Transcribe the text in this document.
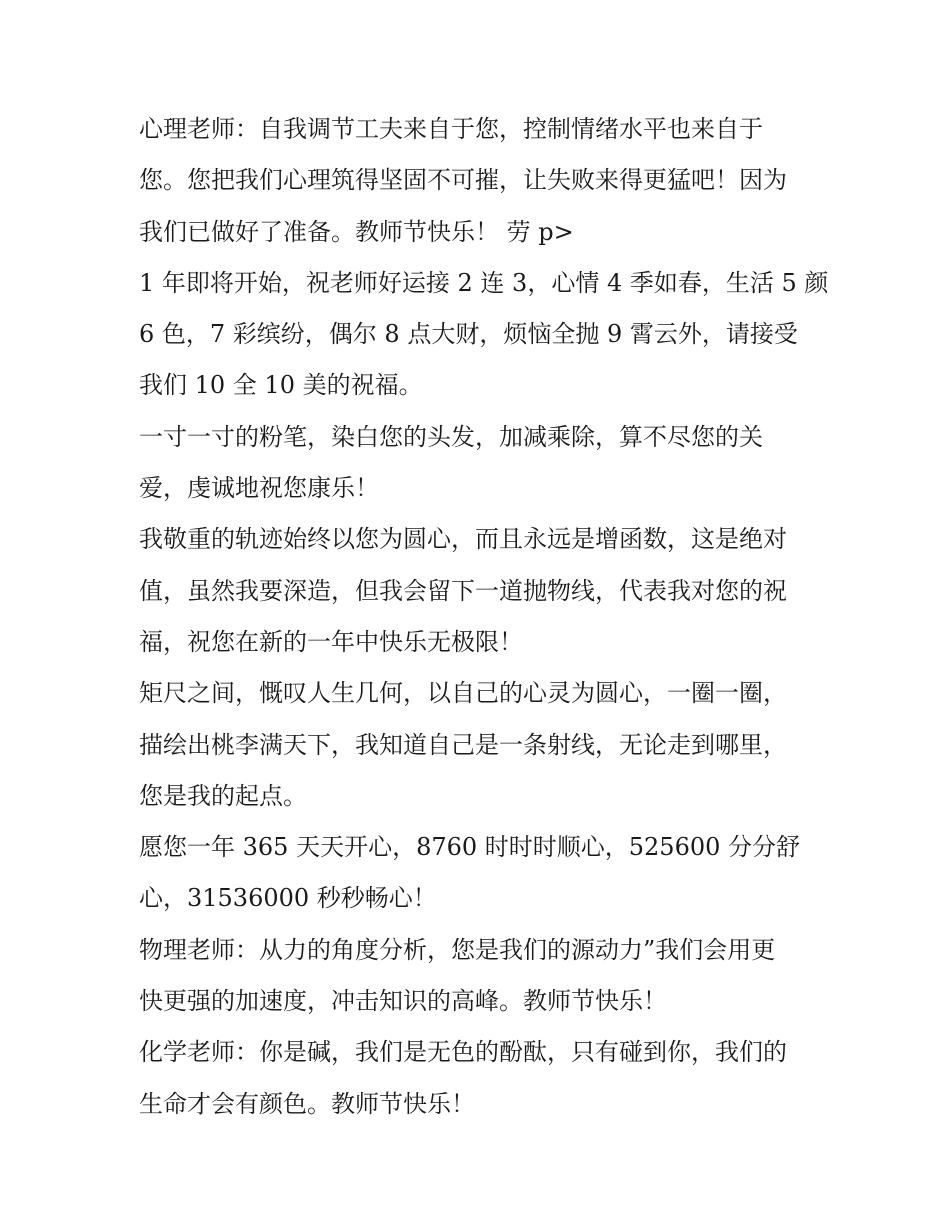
心理老师：自我调节工夫来自于您，控制情绪水平也来自于
您。您把我们心理筑得坚固不可摧，让失败来得更猛吧！因为
我们已做好了准备。教师节快乐！ 劳 p>
1 年即将开始，祝老师好运接 2 连 3，心情 4 季如春，生活 5 颜
6 色，7 彩缤纷，偶尔 8 点大财，烦恼全抛 9 霄云外，请接受
我们 10 全 10 美的祝福。
一寸一寸的粉笔，染白您的头发，加减乘除，算不尽您的关
爱，虔诚地祝您康乐！
我敬重的轨迹始终以您为圆心，而且永远是增函数，这是绝对
值，虽然我要深造，但我会留下一道抛物线，代表我对您的祝
福，祝您在新的一年中快乐无极限！
矩尺之间，慨叹人生几何，以自己的心灵为圆心，一圈一圈，
描绘出桃李满天下，我知道自己是一条射线，无论走到哪里，
您是我的起点。
愿您一年 365 天天开心，8760 时时时顺心，525600 分分舒
心，31536000 秒秒畅心！
物理老师：从力的角度分析，您是我们的源动力”我们会用更
快更强的加速度，冲击知识的高峰。教师节快乐！
化学老师：你是碱，我们是无色的酚酞，只有碰到你，我们的
生命才会有颜色。教师节快乐！
